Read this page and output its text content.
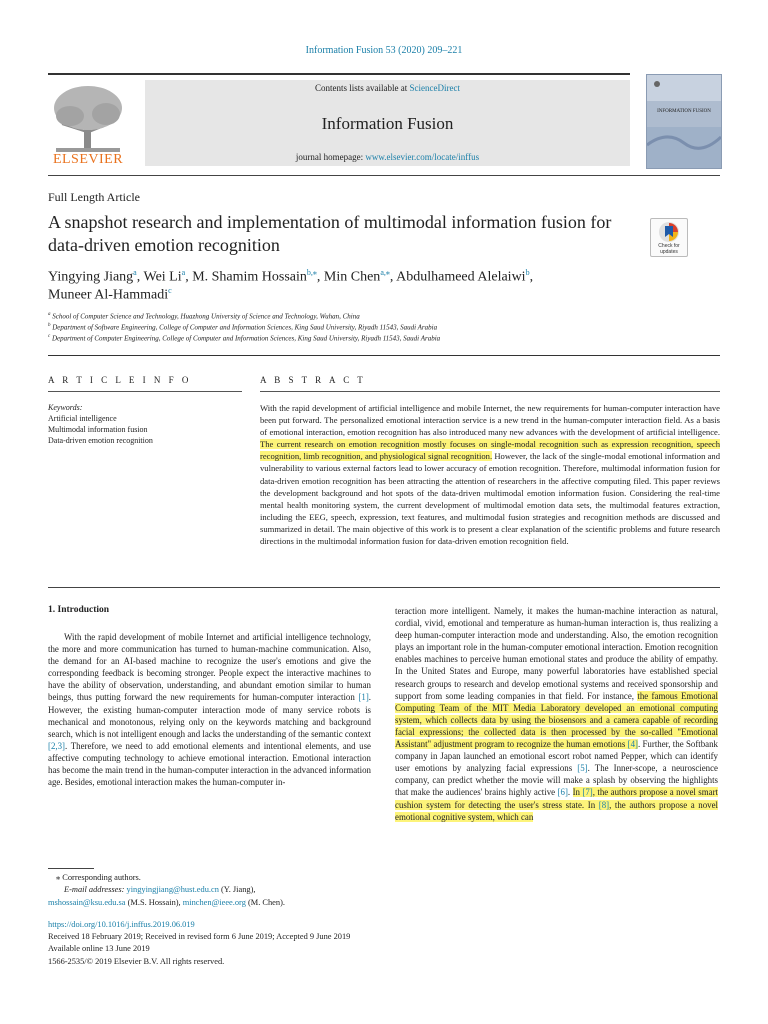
Information Fusion 53 (2020) 209–221
ELSEVIER
Contents lists available at ScienceDirect
Information Fusion
journal homepage: www.elsevier.com/locate/inffus
INFORMATION FUSION
Full Length Article
A snapshot research and implementation of multimodal information fusion for data-driven emotion recognition	Check for updates
Yingying Jiang$^a$, Wei Li$^a$, M. Shamim Hossain$^{b,⁎}$, Min Chen$^{a,⁎}$, Abdulhameed Alelaiwi$^b$,
Muneer Al-Hammadi$^c$
$^a$ School of Computer Science and Technology, Huazhong University of Science and Technology, Wuhan, China
$^b$ Department of Software Engineering, College of Computer and Information Sciences, King Saud University, Riyadh 11543, Saudi Arabia
$^c$ Department of Computer Engineering, College of Computer and Information Sciences, King Saud University, Riyadh 11543, Saudi Arabia
A R T I C L E I N F O
Keywords:
Artificial intelligence
Multimodal information fusion
Data-driven emotion recognition
A B S T R A C T

With the rapid development of artificial intelligence and mobile Internet, the new requirements for human-computer interaction have been put forward. The personalized emotional interaction service is a new trend in the human-computer interaction field. As a basis of emotional interaction, emotion recognition has also introduced many new advances with the development of artificial intelligence. The current research on emotion recognition mostly focuses on single-modal recognition such as expression recognition, speech recognition, limb recognition, and physiological signal recognition. However, the lack of the single-modal emotional information and vulnerability to various external factors lead to lower accuracy of emotion recognition. Therefore, multimodal information fusion for data-driven emotion recognition has been attracting the attention of researchers in the affective computing filed. This paper reviews the development background and hot spots of the data-driven multimodal emotion information fusion. Considering the real-time mental health monitoring system, the current development of multimodal emotion data sets, the multimodal features extraction, including the EEG, speech, expression, text features, and multimodal fusion strategies and recognition methods are discussed and summarized in detail. The main objective of this work is to present a clear explanation of the scientific problems and future research directions in the multimodal information fusion for data-driven emotion recognition field.

1. Introduction

With the rapid development of mobile Internet and artificial intelligence technology, the more and more communication has turned to human-machine communication. Also, the demand for an AI-based machine to recognize the user's emotions and give the corresponding feedback is becoming stronger. People expect the interactive machines to have the ability of observation, understanding, and abundant emotion similar to human beings, thus putting forward the new requirements for human-computer interaction [1]. However, the existing human-computer interaction mode of many service robots is mechanical and monotonous, relying only on the keywords matching and background search, which is not intelligent enough and lacks the understanding of the semantic context [2,3]. Therefore, we need to add emotional elements and intentional elements, and use affective computing technology to achieve emotional interaction. Emotional interaction has become the main trend in the human-computer interaction in the advanced information age. Besides, emotional interaction makes the human-computer in-

teraction more intelligent. Namely, it makes the human-machine interaction as natural, cordial, vivid, emotional and temperature as human-human interaction is, thus realizing a deep human-computer interaction mode and understanding. Also, the emotion recognition plays an important role in the human-computer emotional interaction. Emotion recognition enables machines to perceive human emotional states and produce the ability of empathy. In the United States and Europe, many powerful laboratories have established special research groups to research and develop emotional systems and received sponsorship and support from some leading companies in that field. For instance, the famous Emotional Computing Team of the MIT Media Laboratory developed an emotional computing system, which collects data by using the biosensors and a camera capable of recording facial expressions; the collected data is then processed by the so-called "Emotional Assistant" adjustment program to recognize the human emotions [4]. Further, the Softbank company in Japan launched an emotional escort robot named Pepper, which can identify user emotions by analyzing facial expressions [5]. The Inner-scope, a neuroscience company, can predict whether the movie will make a splash by observing the highlights that make the audiences' brains highly active [6]. In [7], the authors propose a novel smart cushion system for detecting the user's stress state. In [8], the authors propose a novel emotional cognitive system, which can

⁎ Corresponding authors.
E-mail addresses: yingyingjiang@hust.edu.cn (Y. Jiang),
mshossain@ksu.edu.sa (M.S. Hossain), minchen@ieee.org (M. Chen).
https://doi.org/10.1016/j.inffus.2019.06.019
Received 18 February 2019; Received in revised form 6 June 2019; Accepted 9 June 2019
Available online 13 June 2019
1566-2535/© 2019 Elsevier B.V. All rights reserved.
